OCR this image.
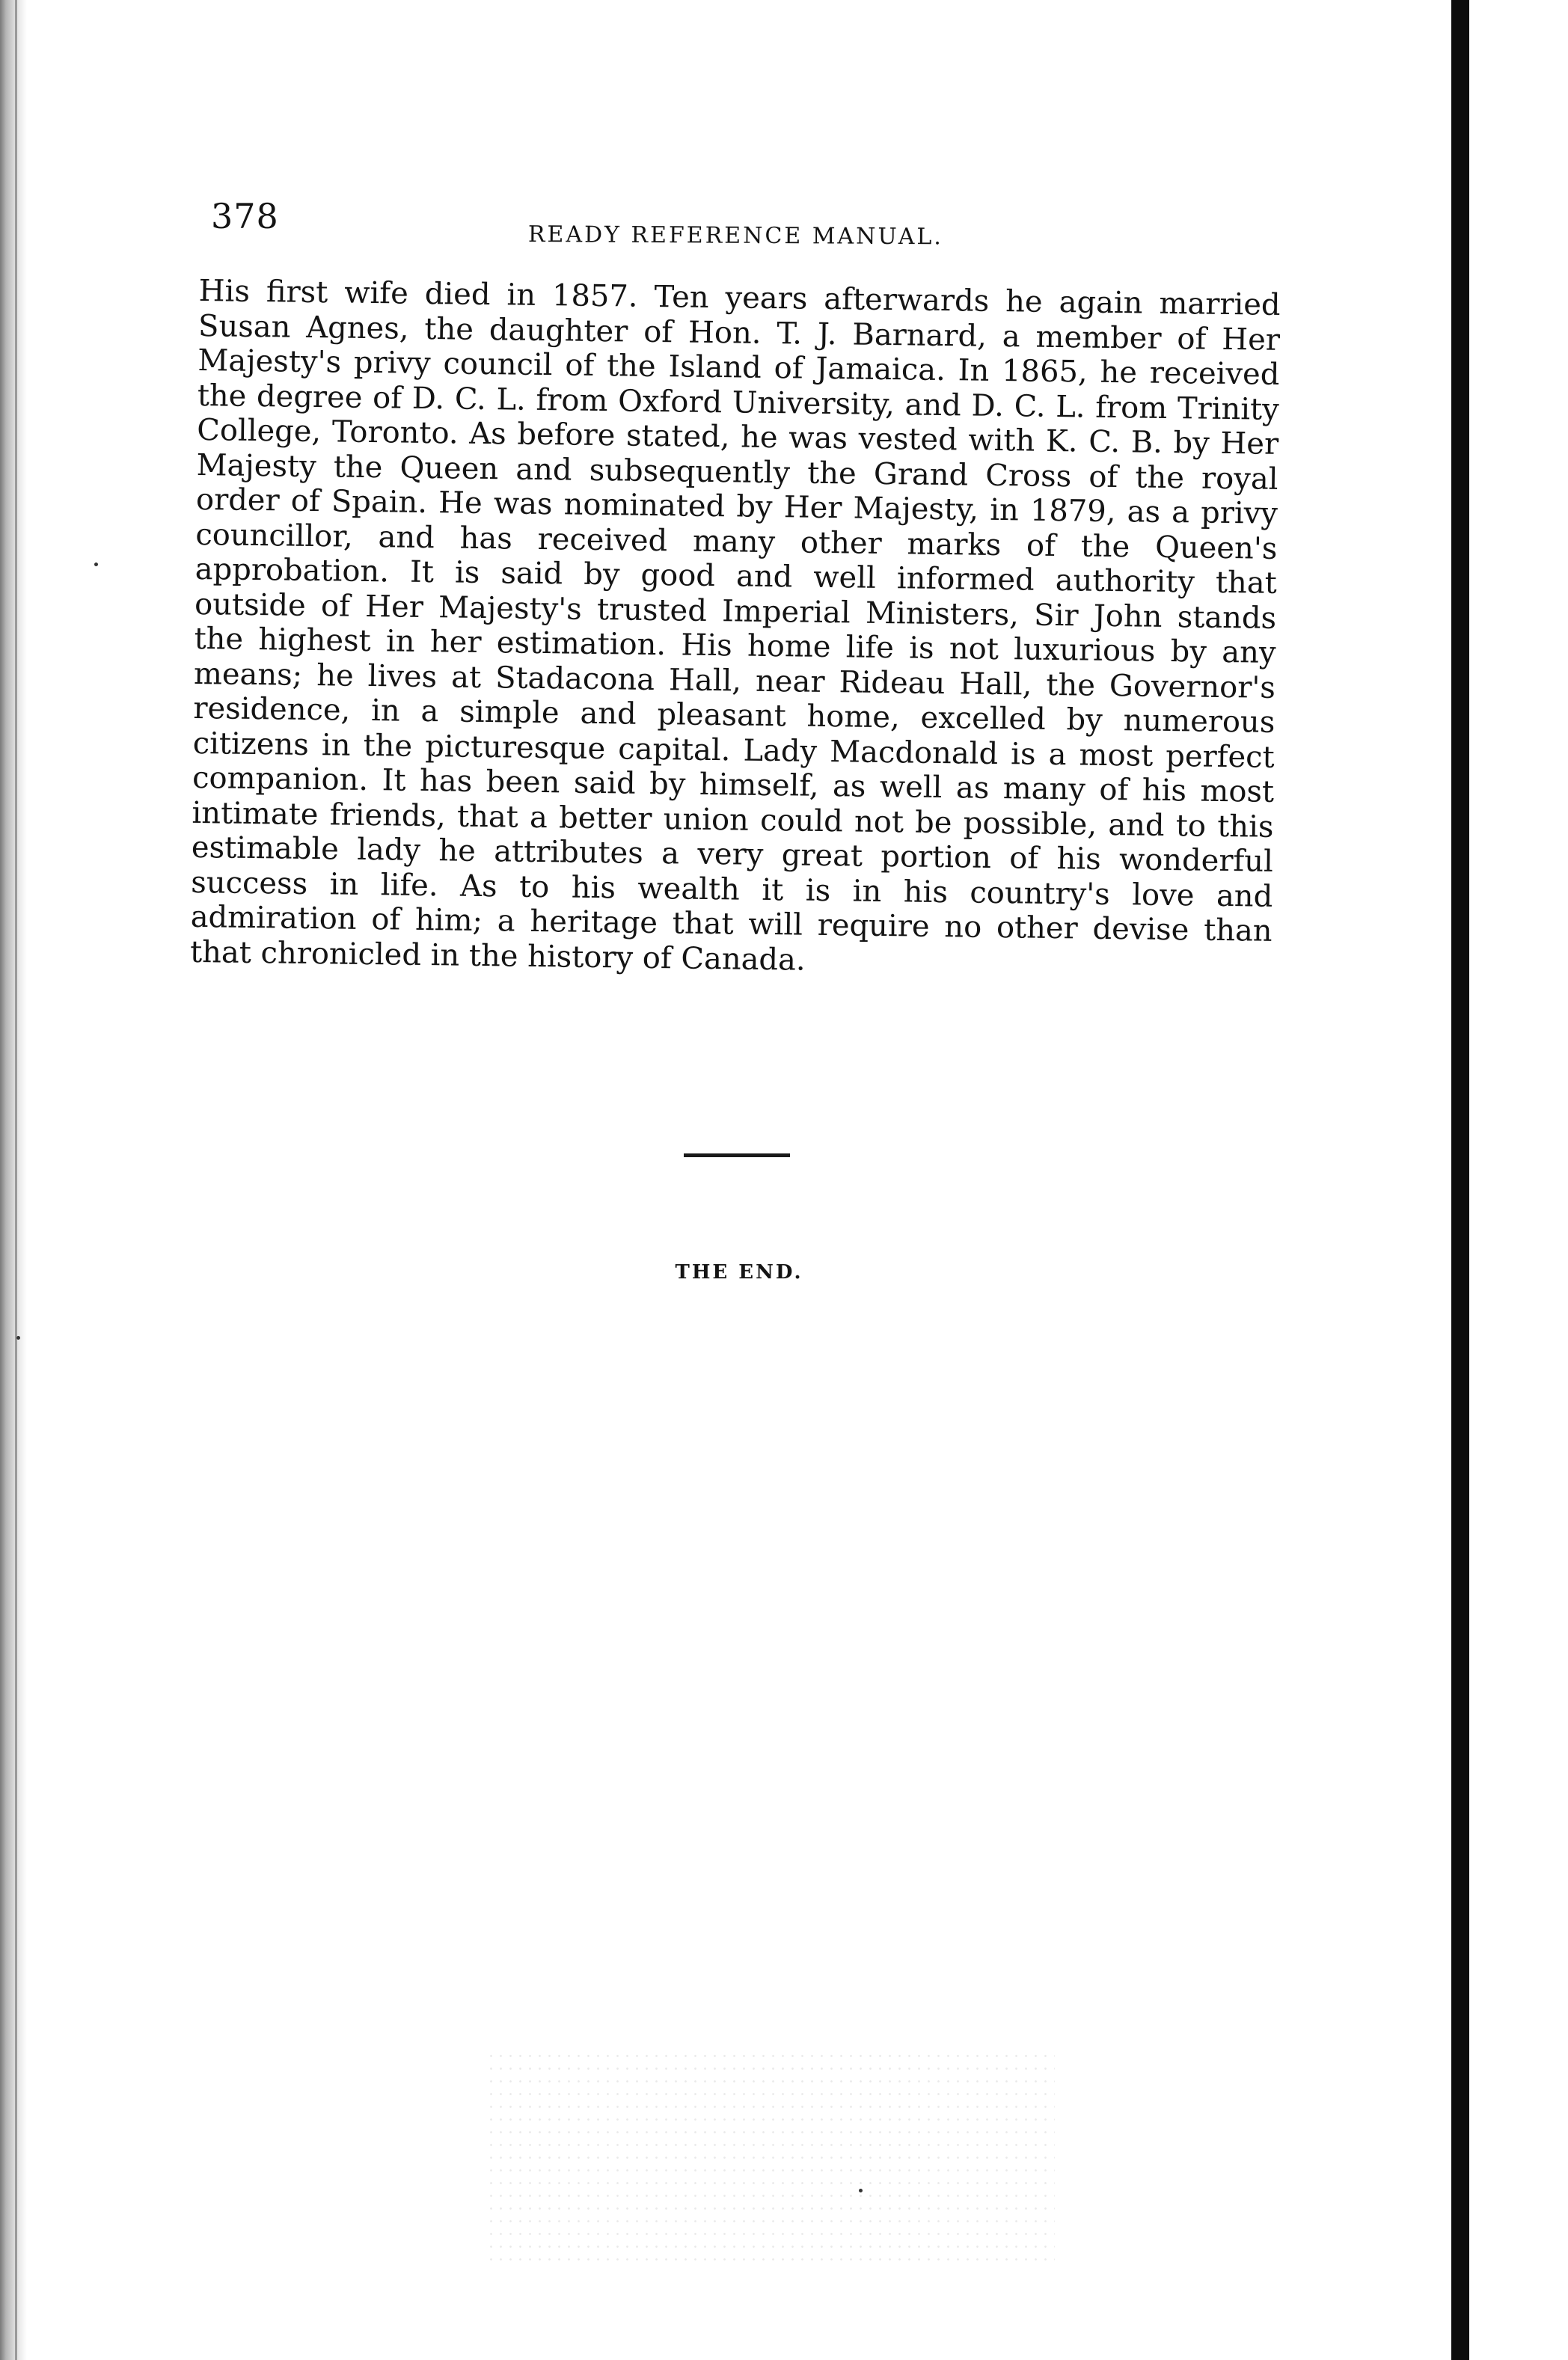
378	READY REFERENCE MANUAL.
His first wife died in 1857. Ten years afterwards he again married Susan Agnes, the daughter of Hon. T. J. Barnard, a member of Her Majesty's privy council of the Island of Jamaica. In 1865, he received the degree of D. C. L. from Oxford University, and D. C. L. from Trinity College, Toronto. As before stated, he was vested with K. C. B. by Her Majesty the Queen and subsequently the Grand Cross of the royal order of Spain. He was nominated by Her Majesty, in 1879, as a privy councillor, and has received many other marks of the Queen's approbation. It is said by good and well informed authority that outside of Her Majesty's trusted Imperial Ministers, Sir John stands the highest in her estimation. His home life is not luxurious by any means; he lives at Stadacona Hall, near Rideau Hall, the Governor's residence, in a simple and pleasant home, excelled by numerous citizens in the picturesque capital. Lady Macdonald is a most perfect companion. It has been said by himself, as well as many of his most intimate friends, that a better union could not be possible, and to this estimable lady he attributes a very great portion of his wonderful success in life. As to his wealth it is in his country's love and admiration of him; a heritage that will require no other devise than that chronicled in the history of Canada.
THE END.
